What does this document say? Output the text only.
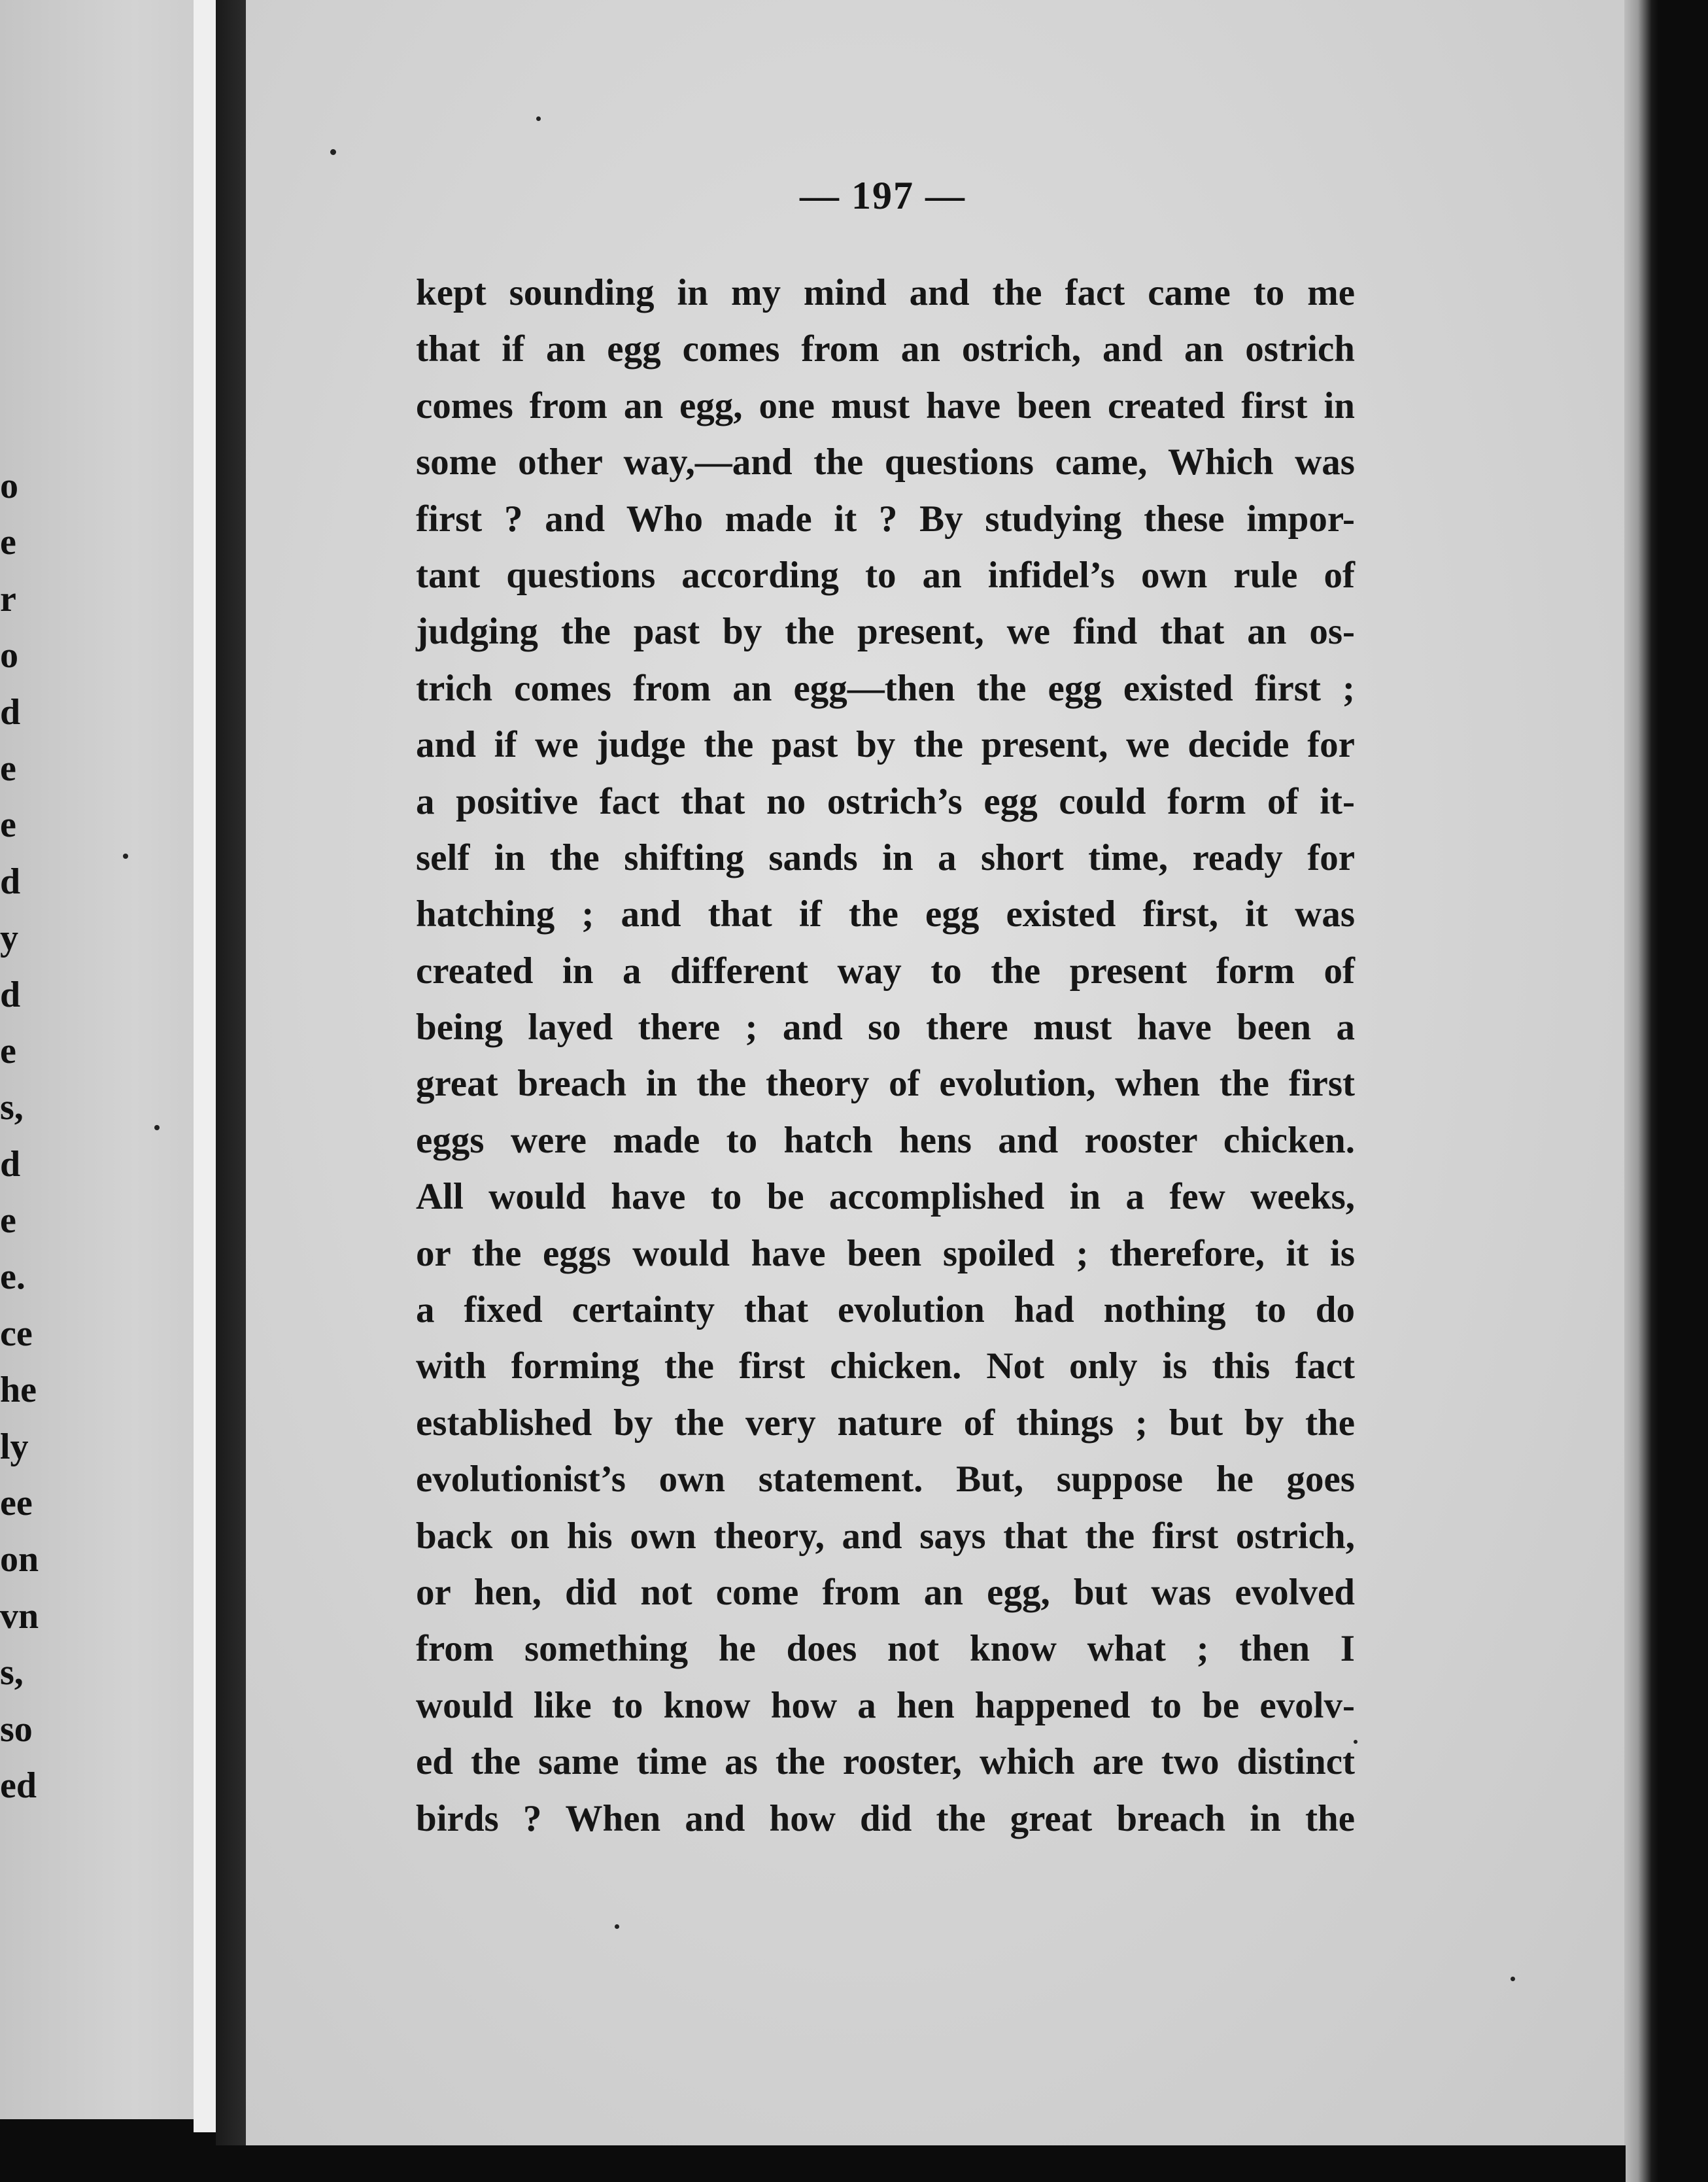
o
e
r
o
d
e
e
d
y
d
e
s,
d
e
e.
ce
he
ly
ee
on
vn
s,
so
ed
— 197 —
kept sounding in my mind and the fact came to me
that if an egg comes from an ostrich, and an ostrich
comes from an egg, one must have been created first in
some other way,—and the questions came, Which was
first ? and Who made it ? By studying these impor-
tant questions according to an infidel’s own rule of
judging the past by the present, we find that an os-
trich comes from an egg—then the egg existed first ;
and if we judge the past by the present, we decide for
a positive fact that no ostrich’s egg could form of it-
self in the shifting sands in a short time, ready for
hatching ; and that if the egg existed first, it was
created in a different way to the present form of
being layed there ; and so there must have been a
great breach in the theory of evolution, when the first
eggs were made to hatch hens and rooster chicken.
All would have to be accomplished in a few weeks,
or the eggs would have been spoiled ; therefore, it is
a fixed certainty that evolution had nothing to do
with forming the first chicken. Not only is this fact
established by the very nature of things ; but by the
evolutionist’s own statement. But, suppose he goes
back on his own theory, and says that the first ostrich,
or hen, did not come from an egg, but was evolved
from something he does not know what ; then I
would like to know how a hen happened to be evolv-
ed the same time as the rooster, which are two distinct
birds ? When and how did the great breach in the
